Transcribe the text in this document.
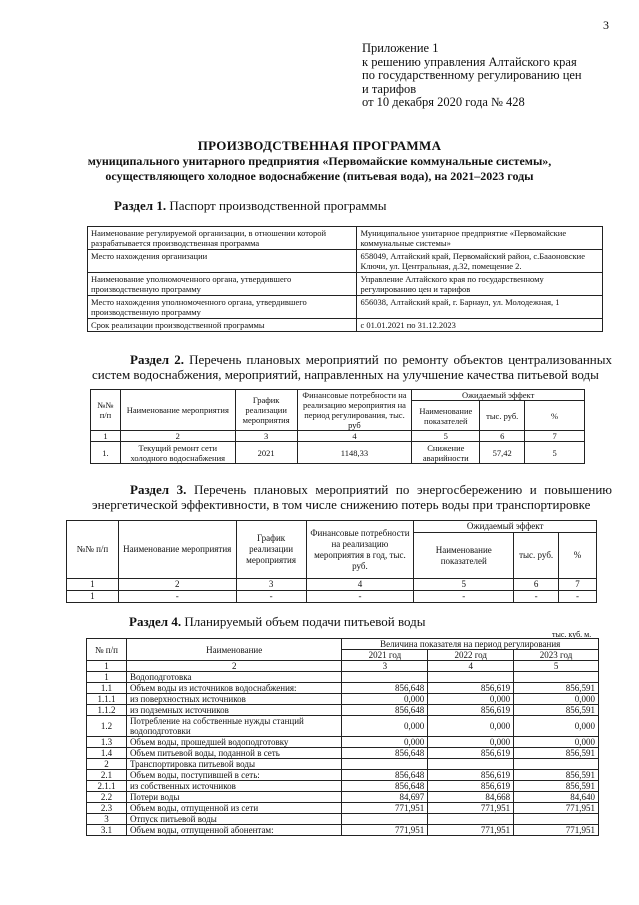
3
Приложение 1
к решению управления Алтайского края
по государственному регулированию цен
и тарифов
от 10 декабря 2020 года № 428
ПРОИЗВОДСТВЕННАЯ ПРОГРАММА
муниципального унитарного предприятия «Первомайские коммунальные системы»,
осуществляющего холодное водоснабжение (питьевая вода), на 2021–2023 годы
Раздел 1. Паспорт производственной программы
Наименование регулируемой организации, в отношении которой разрабатывается производственная программа	Муниципальное унитарное предприятие «Первомайские коммунальные системы»
Место нахождения организации	658049, Алтайский край, Первомайский район, с.Бааоновские Ключи, ул. Центральная, д.32, помещение 2.
Наименование уполномоченного органа, утвердившего производственную программу	Управление Алтайского края по государственному регулированию цен и тарифов
Место нахождения уполномоченного органа, утвердившего производственную программу	656038, Алтайский край, г. Барнаул, ул. Молодежная, 1
Срок реализации производственной программы	с 01.01.2021 по 31.12.2023
Раздел 2. Перечень плановых мероприятий по ремонту объектов централизованных систем водоснабжения, мероприятий, направленных на улучшение качества питьевой воды
№№ п/п	Наименование мероприятия	График реализации мероприятия	Финансовые потребности на реализацию мероприятия на период регулирования, тыс. руб	Ожидаемый эффект		
				Наименование показателей	тыс. руб.	%
1	2	3	4	5	6	7
1.	Текущий ремонт сети холодного водоснабжения	2021	1148,33	Снижение аварийности	57,42	5
Раздел 3. Перечень плановых мероприятий по энергосбережению и повышению энергетической эффективности, в том числе снижению потерь воды при транспортировке
№№ п/п	Наименование мероприятия	График реализации мероприятия	Финансовые потребности на реализацию мероприятия в год, тыс. руб.	Ожидаемый эффект		
				Наименование показателей	тыс. руб.	%
1	2	3	4	5	6	7
1	-	-	-	-	-	-
Раздел 4. Планируемый объем подачи питьевой воды
тыс. куб. м.
№ п/п	Наименование	Величина показателя на период регулирования		
		2021 год	2022 год	2023 год
1	2	3	4	5
1	Водоподготовка			
1.1	Объем воды из источников водоснабжения:	856,648	856,619	856,591
1.1.1	из поверхностных источников	0,000	0,000	0,000
1.1.2	из подземных источников	856,648	856,619	856,591
1.2	Потребление на собственные нужды станций водоподготовки	0,000	0,000	0,000
1.3	Объем воды, прошедшей водоподготовку	0,000	0,000	0,000
1.4	Объем питьевой воды, поданной в сеть	856,648	856,619	856,591
2	Транспортировка питьевой воды			
2.1	Объем воды, поступившей в сеть:	856,648	856,619	856,591
2.1.1	из собственных источников	856,648	856,619	856,591
2.2	Потери воды	84,697	84,668	84,640
2.3	Объем воды, отпущенной из сети	771,951	771,951	771,951
3	Отпуск питьевой воды			
3.1	Объем воды, отпущенной абонентам:	771,951	771,951	771,951
